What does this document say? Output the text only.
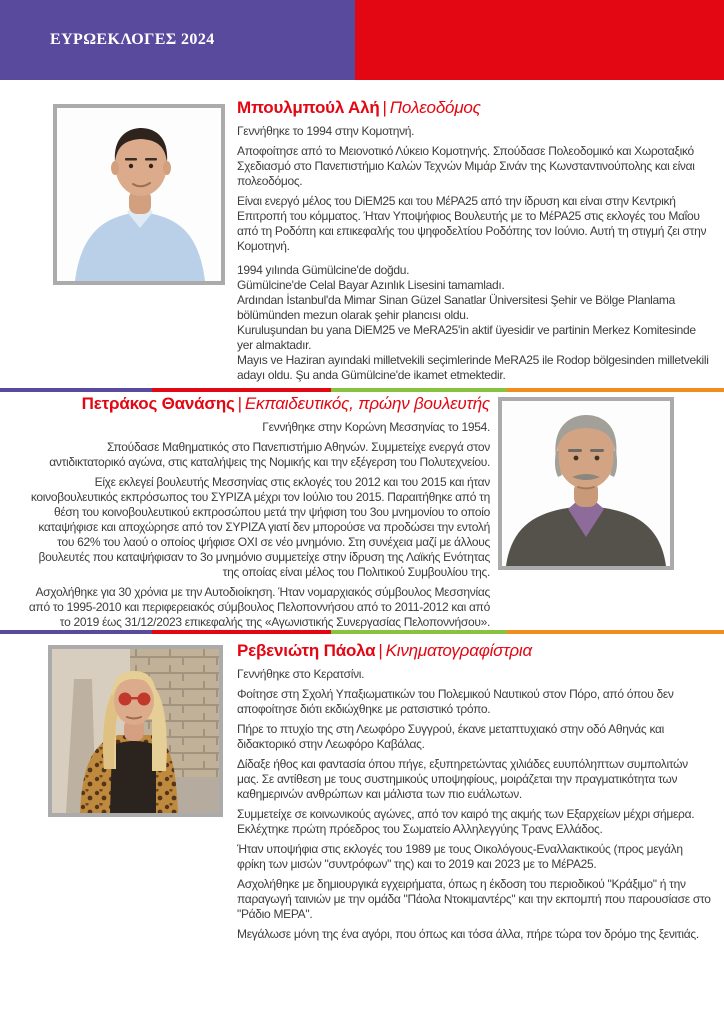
ΕΥΡΩΕΚΛΟΓΕΣ 2024
Μπουλμπούλ Αλή | Πολεοδόμος

Γεννήθηκε το 1994 στην Κομοτηνή.

Αποφοίτησε από το Μειονοτικό Λύκειο Κομοτηνής. Σπούδασε Πολεοδομικό και Χωροταξικό Σχεδιασμό στο Πανεπιστήμιο Καλών Τεχνών Μιμάρ Σινάν της Κωνσταντινούπολης και είναι πολεοδόμος.

Είναι ενεργό μέλος του DiEM25 και του ΜέΡΑ25 από την ίδρυση και είναι στην Κεντρική Επιτροπή του κόμματος. Ήταν Υποψήφιος Βουλευτής με το ΜέΡΑ25 στις εκλογές του Μαΐου από τη Ροδόπη και επικεφαλής του ψηφοδελτίου Ροδόπης τον Ιούνιο. Αυτή τη στιγμή ζει στην Κομοτηνή.

1994 yılında Gümülcine'de doğdu.
Gümülcine'de Celal Bayar Azınlık Lisesini tamamladı.
Ardından İstanbul'da Mimar Sinan Güzel Sanatlar Üniversitesi Şehir ve Bölge Planlama bölümünden mezun olarak şehir plancısı oldu.
Kuruluşundan bu yana DiEM25 ve MeRA25'in aktif üyesidir ve partinin Merkez Komitesinde yer almaktadır.
Mayıs ve Haziran ayındaki milletvekili seçimlerinde MeRA25 ile Rodop bölgesinden milletvekili adayı oldu. Şu anda Gümülcine'de ikamet etmektedir.
Πετράκος Θανάσης | Εκπαιδευτικός, πρώην βουλευτής

Γεννήθηκε στην Κορώνη Μεσσηνίας το 1954.

Σπούδασε Μαθηματικός στο Πανεπιστήμιο Αθηνών. Συμμετείχε ενεργά στον αντιδικτατορικό αγώνα, στις καταλήψεις της Νομικής και την εξέγερση του Πολυτεχνείου.

Είχε εκλεγεί βουλευτής Μεσσηνίας στις εκλογές του 2012 και του 2015 και ήταν κοινοβουλευτικός εκπρόσωπος του ΣΥΡΙΖΑ μέχρι τον Ιούλιο του 2015. Παραιτήθηκε από τη θέση του κοινοβουλευτικού εκπροσώπου μετά την ψήφιση του 3ου μνημονίου το οποίο καταψήφισε και αποχώρησε από τον ΣΥΡΙΖΑ γιατί δεν μπορούσε να προδώσει την εντολή του 62% του λαού ο οποίος ψήφισε ΟΧΙ σε νέο μνημόνιο. Στη συνέχεια μαζί με άλλους βουλευτές που καταψήφισαν το 3ο μνημόνιο συμμετείχε στην ίδρυση της Λαϊκής Ενότητας της οποίας είναι μέλος του Πολιτικού Συμβουλίου της.

Ασχολήθηκε για 30 χρόνια με την Αυτοδιοίκηση. Ήταν νομαρχιακός σύμβουλος Μεσσηνίας από το 1995-2010 και περιφερειακός σύμβουλος Πελοποννήσου από το 2011-2012 και από το 2019 έως 31/12/2023 επικεφαλής της «Αγωνιστικής Συνεργασίας Πελοποννήσου».

Ρεβενιώτη Πάολα | Κινηματογραφίστρια

Γεννήθηκε στο Κερατσίνι.

Φοίτησε στη Σχολή Υπαξιωματικών του Πολεμικού Ναυτικού στον Πόρο, από όπου δεν αποφοίτησε διότι εκδιώχθηκε με ρατσιστικό τρόπο.

Πήρε το πτυχίο της στη Λεωφόρο Συγγρού, έκανε μεταπτυχιακό στην οδό Αθηνάς και διδακτορικό στην Λεωφόρο Καβάλας.

Δίδαξε ήθος και φαντασία όπου πήγε, εξυπηρετώντας χιλιάδες ευυπόληπτων συμπολιτών μας. Σε αντίθεση με τους συστημικούς υποψηφίους, μοιράζεται την πραγματικότητα των καθημερινών ανθρώπων και μάλιστα των πιο ευάλωτων.

Συμμετείχε σε κοινωνικούς αγώνες, από τον καιρό της ακμής των Εξαρχείων μέχρι σήμερα. Εκλέχτηκε πρώτη πρόεδρος του Σωματείο Αλληλεγγύης Τρανς Ελλάδος.

Ήταν υποψήφια στις εκλογές του 1989 με τους Οικολόγους-Εναλλακτικούς (προς μεγάλη φρίκη των μισών "συντρόφων" της) και το 2019 και 2023 με το ΜέΡΑ25.

Ασχολήθηκε με δημιουργικά εγχειρήματα, όπως η έκδοση του περιοδικού "Κράξιμο" ή την παραγωγή ταινιών με την ομάδα "Πάολα Ντοκιμαντέρς" και την εκπομπή που παρουσίασε στο "Ράδιο ΜΕΡΑ".

Μεγάλωσε μόνη της ένα αγόρι, που όπως και τόσα άλλα, πήρε τώρα τον δρόμο της ξενιτιάς.
